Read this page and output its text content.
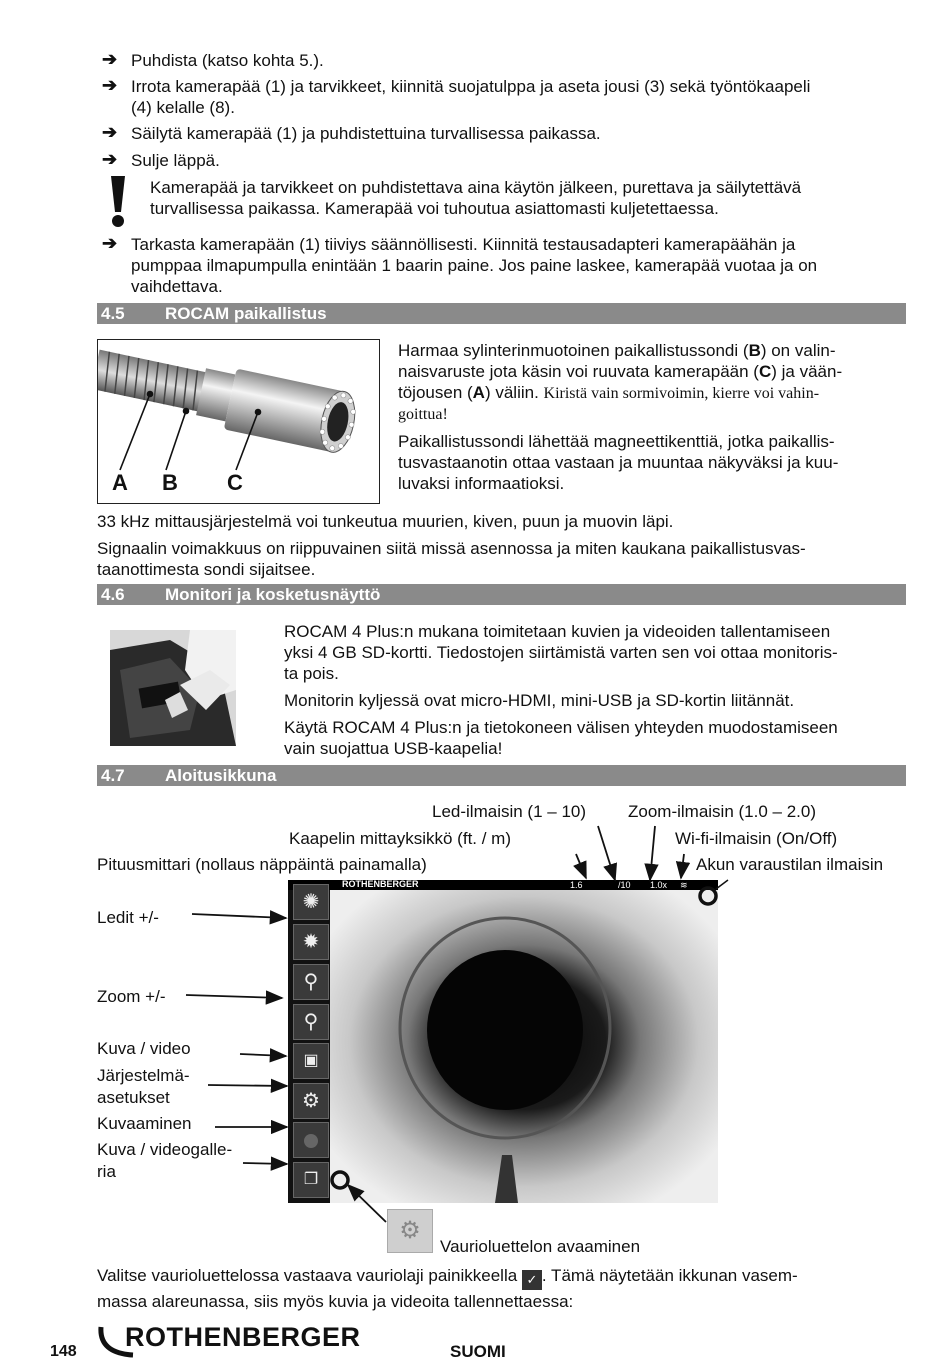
➔ Puhdista (katso kohta 5.).
➔ Irrota kamerapää (1) ja tarvikkeet, kiinnitä suojatulppa ja aseta jousi (3) sekä työntökaapeli
(4) kelalle (8).
➔ Säilytä kamerapää (1) ja puhdistettuina turvallisessa paikassa.
➔ Sulje läppä.
Kamerapää ja tarvikkeet on puhdistettava aina käytön jälkeen, purettava ja säilytettävä
turvallisessa paikassa. Kamerapää voi tuhoutua asiattomasti kuljetettaessa.
➔ Tarkasta kamerapään (1) tiiviys säännöllisesti. Kiinnitä testausadapteri kamerapäähän ja
pumppaa ilmapumpulla enintään 1 baarin paine. Jos paine laskee, kamerapää vuotaa ja on
vaihdettava.
4.5 ROCAM paikallistus
A B C
Harmaa sylinterinmuotoinen paikallistussondi (B) on valin-
naisvaruste jota käsin voi ruuvata kamerapään (C) ja vään-
töjousen (A) väliin. Kiristä vain sormivoimin, kierre voi vahin-
goittua!
Paikallistussondi lähettää magneettikenttiä, jotka paikallis-
tusvastaanotin ottaa vastaan ja muuntaa näkyväksi ja kuu-
luvaksi informaatioksi.
33 kHz mittausjärjestelmä voi tunkeutua muurien, kiven, puun ja muovin läpi.
Signaalin voimakkuus on riippuvainen siitä missä asennossa ja miten kaukana paikallistusvas-
taanottimesta sondi sijaitsee.
4.6 Monitori ja kosketusnäyttö
ROCAM 4 Plus:n mukana toimitetaan kuvien ja videoiden tallentamiseen
yksi 4 GB SD-kortti. Tiedostojen siirtämistä varten sen voi ottaa monitoris-
ta pois.
Monitorin kyljessä ovat micro-HDMI, mini-USB ja SD-kortin liitännät.
Käytä ROCAM 4 Plus:n ja tietokoneen välisen yhteyden muodostamiseen
vain suojattua USB-kaapelia!
4.7 Aloitusikkuna
Led-ilmaisin (1 – 10) Zoom-ilmaisin (1.0 – 2.0)
Kaapelin mittayksikkö (ft. / m)	Wi-fi-ilmaisin (On/Off)
Pituusmittari (nollaus näppäintä painamalla)	Akun varaustilan ilmaisin
Ledit +/-
Zoom +/-
Kuva / video
Järjestelmä-
asetukset
Kuvaaminen
Kuva / videogalle-
ria
ROTHENBERGER	1.6	/10 1.0x ≋
✺
✹
⚲
⚲
▣
⚙
❐
⚙
Vaurioluettelon avaaminen
Valitse vaurioluettelossa vastaava vauriolaji painikkeella ✓ . Tämä näytetään ikkunan vasem-
massa alareunassa, siis myös kuvia ja videoita tallennettaessa:
148 ROTHENBERGER	SUOMI
